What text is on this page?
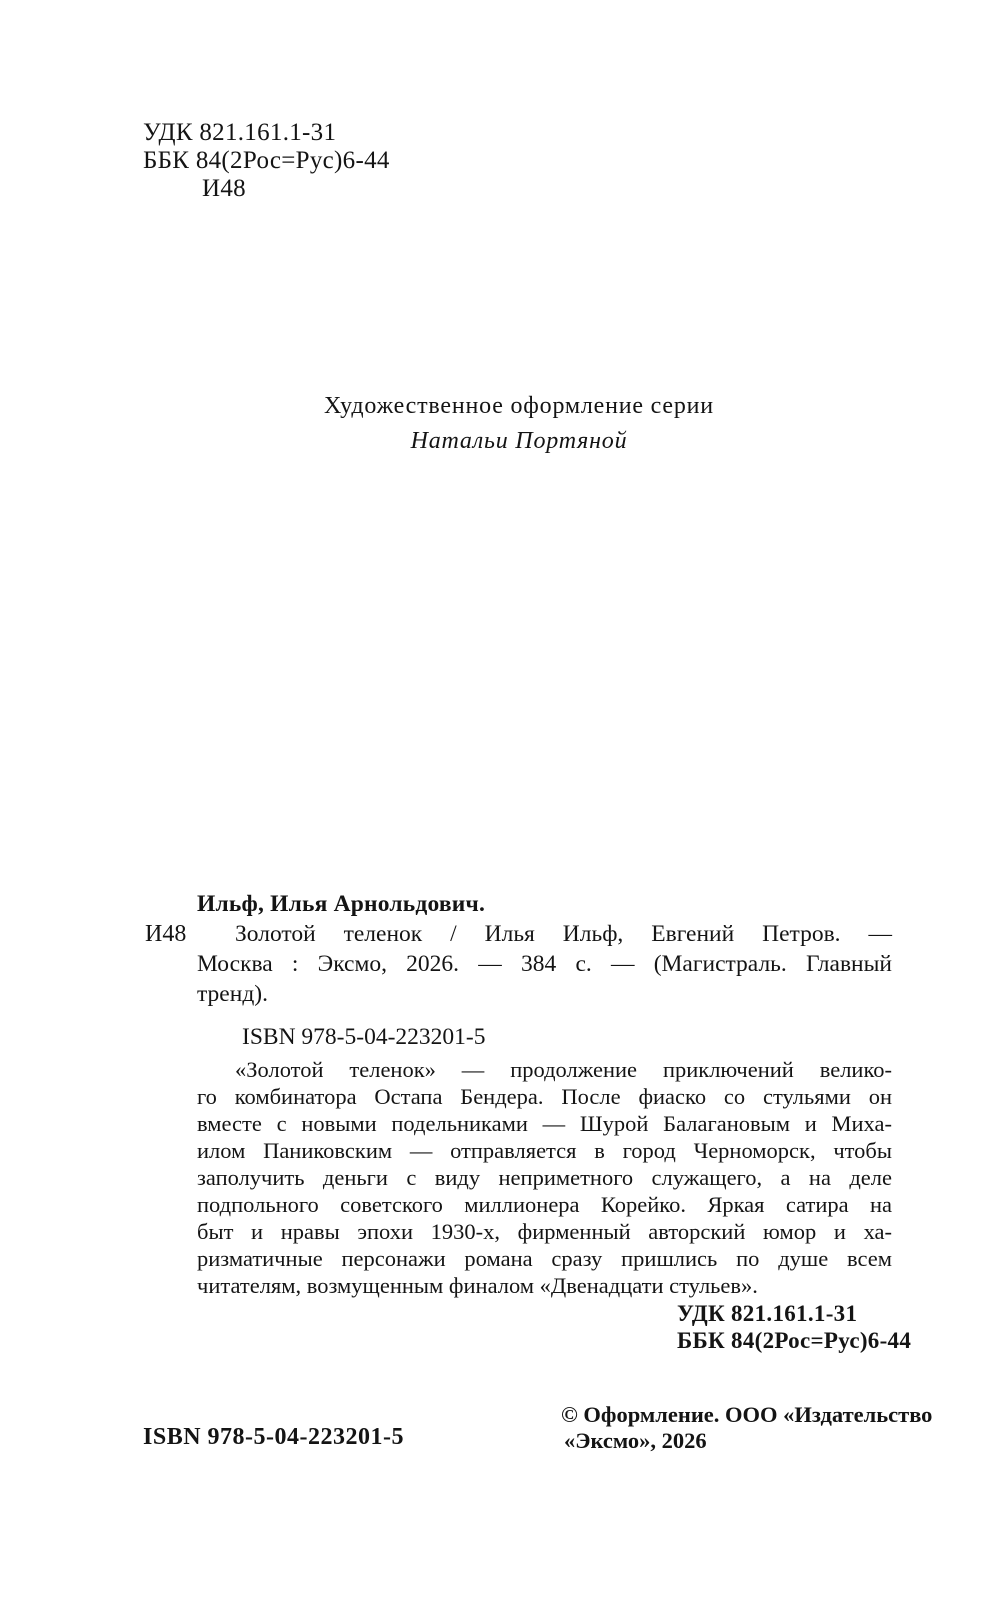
УДК 821.161.1-31
ББК 84(2Рос=Рус)6-44
И48
Художественное оформление серии
Натальи Портяной
И48
Ильф, Илья Арнольдович.
Золотой теленок / Илья Ильф, Евгений Петров. —
Москва : Эксмо, 2026. — 384 с. — (Магистраль. Главный
тренд).
ISBN 978-5-04-223201-5
«Золотой теленок» — продолжение приключений велико-
го комбинатора Остапа Бендера. После фиаско со стульями он
вместе с новыми подельниками — Шурой Балагановым и Миха-
илом Паниковским — отправляется в город Черноморск, чтобы
заполучить деньги с виду неприметного служащего, а на деле
подпольного советского миллионера Корейко. Яркая сатира на
быт и нравы эпохи 1930-х, фирменный авторский юмор и ха-
ризматичные персонажи романа сразу пришлись по душе всем
читателям, возмущенным финалом «Двенадцати стульев».
УДК 821.161.1-31
ББК 84(2Рос=Рус)6-44
ISBN 978-5-04-223201-5
© Оформление. ООО «Издательство
«Эксмо», 2026
